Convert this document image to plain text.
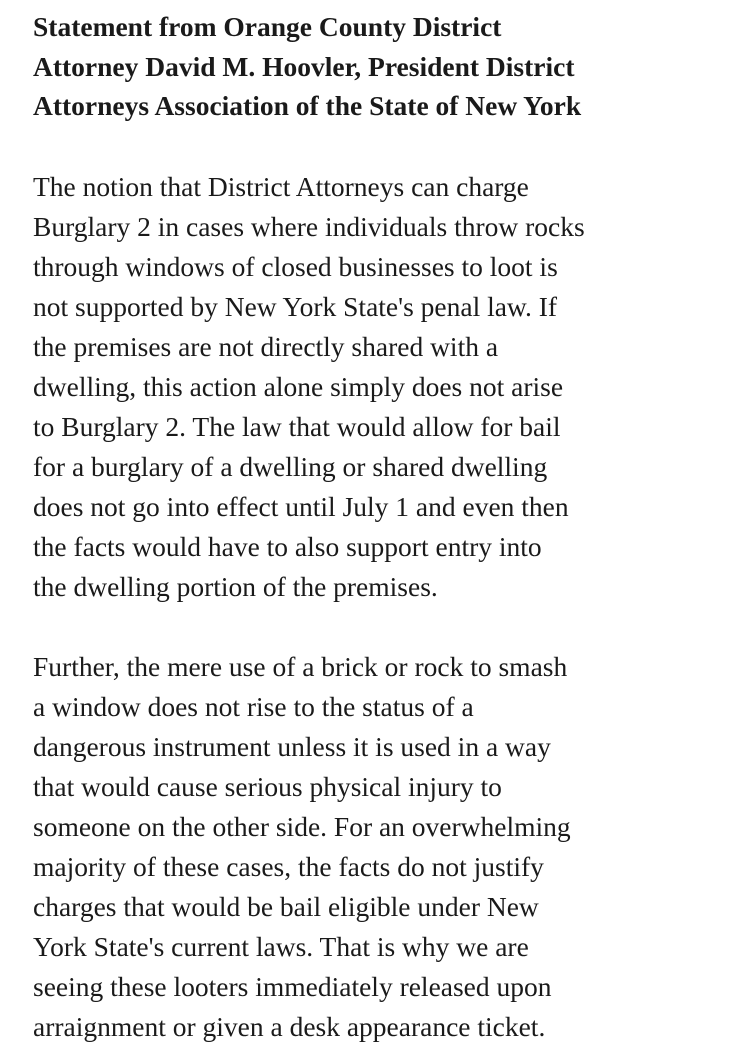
Statement from Orange County District
Attorney David M. Hoovler, President District
Attorneys Association of the State of New York

The notion that District Attorneys can charge
Burglary 2 in cases where individuals throw rocks
through windows of closed businesses to loot is
not supported by New York State's penal law. If
the premises are not directly shared with a
dwelling, this action alone simply does not arise
to Burglary 2. The law that would allow for bail
for a burglary of a dwelling or shared dwelling
does not go into effect until July 1 and even then
the facts would have to also support entry into
the dwelling portion of the premises.

Further, the mere use of a brick or rock to smash
a window does not rise to the status of a
dangerous instrument unless it is used in a way
that would cause serious physical injury to
someone on the other side. For an overwhelming
majority of these cases, the facts do not justify
charges that would be bail eligible under New
York State's current laws. That is why we are
seeing these looters immediately released upon
arraignment or given a desk appearance ticket.
